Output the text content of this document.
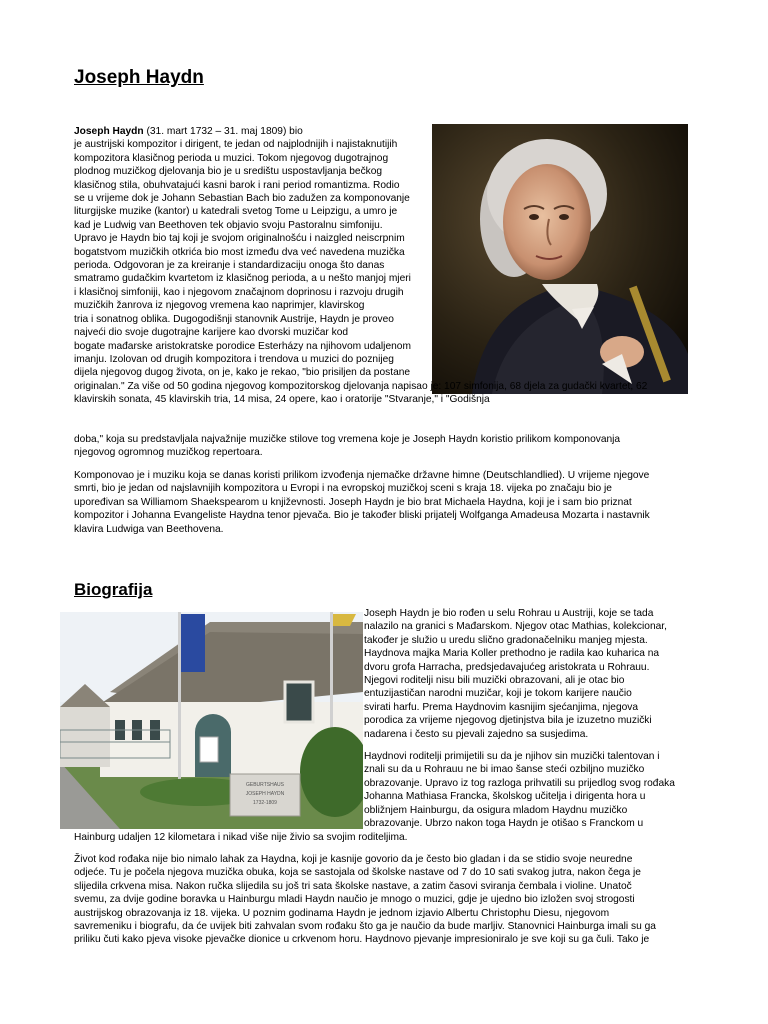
Joseph Haydn

Joseph Haydn (31. mart 1732 – 31. maj 1809) bio
je austrijski kompozitor i dirigent, te jedan od najplodnijih i najistaknutijih
kompozitora klasičnog perioda u muzici. Tokom njegovog dugotrajnog
plodnog muzičkog djelovanja bio je u središtu uspostavljanja bečkog
klasičnog stila, obuhvatajući kasni barok i rani period romantizma. Rodio
se u vrijeme dok je Johann Sebastian Bach bio zadužen za komponovanje
liturgijske muzike (kantor) u katedrali svetog Tome u Leipzigu, a umro je
kad je Ludwig van Beethoven tek objavio svoju Pastoralnu simfoniju.
Upravo je Haydn bio taj koji je svojom originalnošću i naizgled neiscrpnim
bogatstvom muzičkih otkrića bio most između dva već navedena muzička
perioda. Odgovoran je za kreiranje i standardizaciju onoga što danas
smatramo gudačkim kvartetom iz klasičnog perioda, a u nešto manjoj mjeri
i klasičnoj simfoniji, kao i njegovom značajnom doprinosu i razvoju drugih
muzičkih žanrova iz njegovog vremena kao naprimjer, klavirskog
tria i sonatnog oblika. Dugogodišnji stanovnik Austrije, Haydn je proveo
najveći dio svoje dugotrajne karijere kao dvorski muzičar kod
bogate mađarske aristokratske porodice Esterházy na njihovom udaljenom
imanju. Izolovan od drugih kompozitora i trendova u muzici do poznijeg
dijela njegovog dugog života, on je, kako je rekao, "bio prisiljen da postane
originalan." Za više od 50 godina njegovog kompozitorskog djelovanja napisao je: 107 simfonija, 68 djela za gudački kvartet, 62
klavirskih sonata, 45 klavirskih tria, 14 misa, 24 opere, kao i oratorije "Stvaranje," i "Godišnja

doba," koja su predstavljala najvažnije muzičke stilove tog vremena koje je Joseph Haydn koristio prilikom komponovanja
njegovog ogromnog muzičkog repertoara.

Komponovao je i muziku koja se danas koristi prilikom izvođenja njemačke državne himne (Deutschlandlied). U vrijeme njegove
smrti, bio je jedan od najslavnijih kompozitora u Evropi i na evropskoj muzičkoj sceni s kraja 18. vijeka po značaju bio je
upoređivan sa Williamom Shaekspearom u književnosti. Joseph Haydn je bio brat Michaela Haydna, koji je i sam bio priznat
kompozitor i Johanna Evangeliste Haydna tenor pjevača. Bio je također bliski prijatelj Wolfganga Amadeusa Mozarta i nastavnik
klavira Ludwiga van Beethovena.

Biografija
GEBURTSHAUS
JOSEPH HAYDN
1732-1809

Joseph Haydn je bio rođen u selu Rohrau u Austriji, koje se tada
nalazilo na granici s Mađarskom. Njegov otac Mathias, kolekcionar,
također je služio u uredu slično gradonačelniku manjeg mjesta.
Haydnova majka Maria Koller prethodno je radila kao kuharica na
dvoru grofa Harracha, predsjedavajućeg aristokrata u Rohrauu.
Njegovi roditelji nisu bili muzički obrazovani, ali je otac bio
entuzijastičan narodni muzičar, koji je tokom karijere naučio
svirati harfu. Prema Haydnovim kasnijim sjećanjima, njegova
porodica za vrijeme njegovog djetinjstva bila je izuzetno muzički
nadarena i često su pjevali zajedno sa susjedima.

Haydnovi roditelji primijetili su da je njihov sin muzički talentovan i
znali su da u Rohrauu ne bi imao šanse steći ozbiljno muzičko
obrazovanje. Upravo iz tog razloga prihvatili su prijedlog svog rođaka
Johanna Mathiasa Francka, školskog učitelja i dirigenta hora u
obližnjem Hainburgu, da osigura mladom Haydnu muzičko
obrazovanje. Ubrzo nakon toga Haydn je otišao s Franckom u

Hainburg udaljen 12 kilometara i nikad više nije živio sa svojim roditeljima.

Život kod rođaka nije bio nimalo lahak za Haydna, koji je kasnije govorio da je često bio gladan i da se stidio svoje neuredne
odjeće. Tu je počela njegova muzička obuka, koja se sastojala od školske nastave od 7 do 10 sati svakog jutra, nakon čega je
slijedila crkvena misa. Nakon ručka slijedila su još tri sata školske nastave, a zatim časovi sviranja čembala i violine. Unatoč
svemu, za dvije godine boravka u Hainburgu mladi Haydn naučio je mnogo o muzici, gdje je ujedno bio izložen svoj strogosti
austrijskog obrazovanja iz 18. vijeka. U poznim godinama Haydn je jednom izjavio Albertu Christophu Diesu, njegovom
savremeniku i biografu, da će uvijek biti zahvalan svom rođaku što ga je naučio da bude marljiv. Stanovnici Hainburga imali su ga
priliku čuti kako pjeva visoke pjevačke dionice u crkvenom horu. Haydnovo pjevanje impresioniralo je sve koji su ga čuli. Tako je
